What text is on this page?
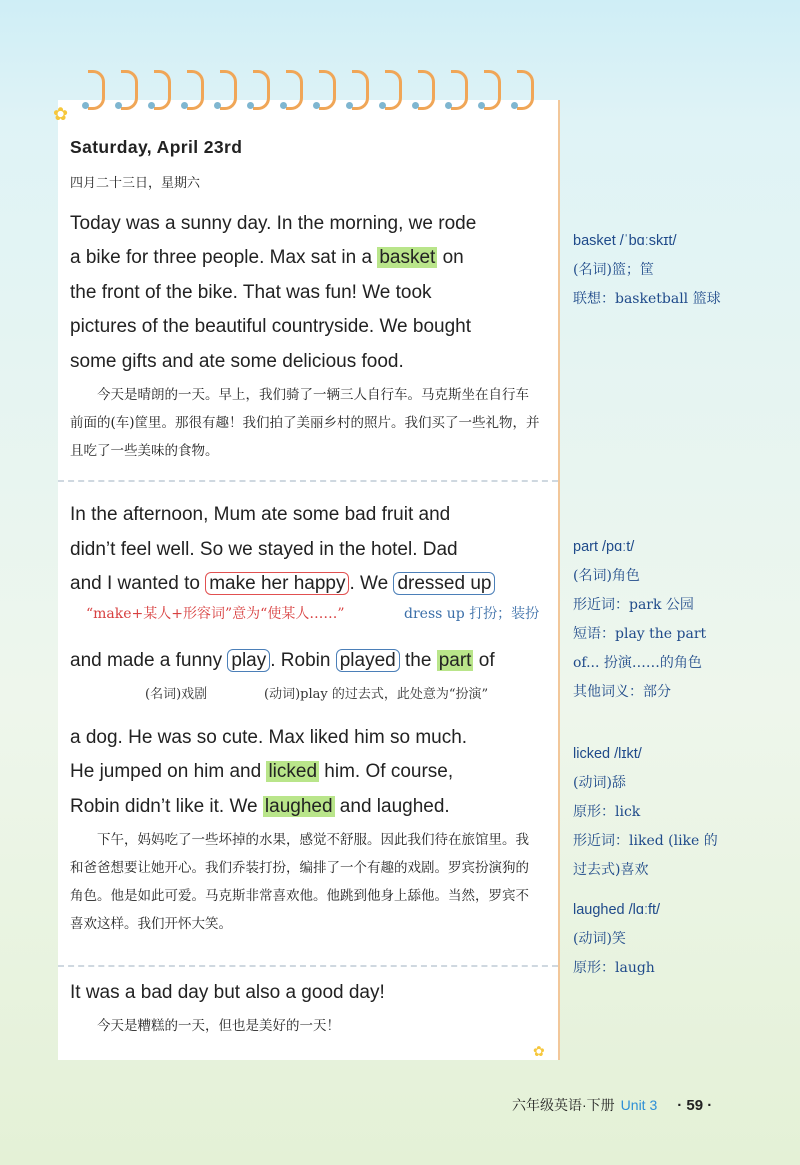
✿
✿
Saturday, April 23rd
四月二十三日，星期六
Today was a sunny day. In the morning, we rode
a bike for three people. Max sat in a basket on
the front of the bike. That was fun! We took
pictures of the beautiful countryside. We bought
some gifts and ate some delicious food.

今天是晴朗的一天。早上，我们骑了一辆三人自行车。马克斯坐在自行车前面的(车)筐里。那很有趣！我们拍了美丽乡村的照片。我们买了一些礼物，并且吃了一些美味的食物。

In the afternoon, Mum ate some bad fruit and
didn’t feel well. So we stayed in the hotel. Dad
and I wanted to make her happy . We dressed up
“make+某人+形容词”意为“使某人……”	dress up 打扮；装扮
and made a funny play . Robin played the part of
(名词)戏剧	(动词)play 的过去式，此处意为“扮演”
a dog. He was so cute. Max liked him so much.
He jumped on him and licked him. Of course,
Robin didn’t like it. We laughed and laughed.

下午，妈妈吃了一些坏掉的水果，感觉不舒服。因此我们待在旅馆里。我和爸爸想要让她开心。我们乔装打扮，编排了一个有趣的戏剧。罗宾扮演狗的角色。他是如此可爱。马克斯非常喜欢他。他跳到他身上舔他。当然，罗宾不喜欢这样。我们开怀大笑。

It was a bad day but also a good day!

今天是糟糕的一天，但也是美好的一天！

basket /ˈbɑːskɪt/
(名词)篮；筐
联想：basketball 篮球
part /pɑːt/
(名词)角色
形近词：park 公园
短语：play the part
of... 扮演……的角色
其他词义：部分
licked /lɪkt/
(动词)舔
原形：lick
形近词：liked (like 的
过去式)喜欢
laughed /lɑːft/
(动词)笑
原形：laugh
六年级英语·下册 Unit 3 · 59 ·
